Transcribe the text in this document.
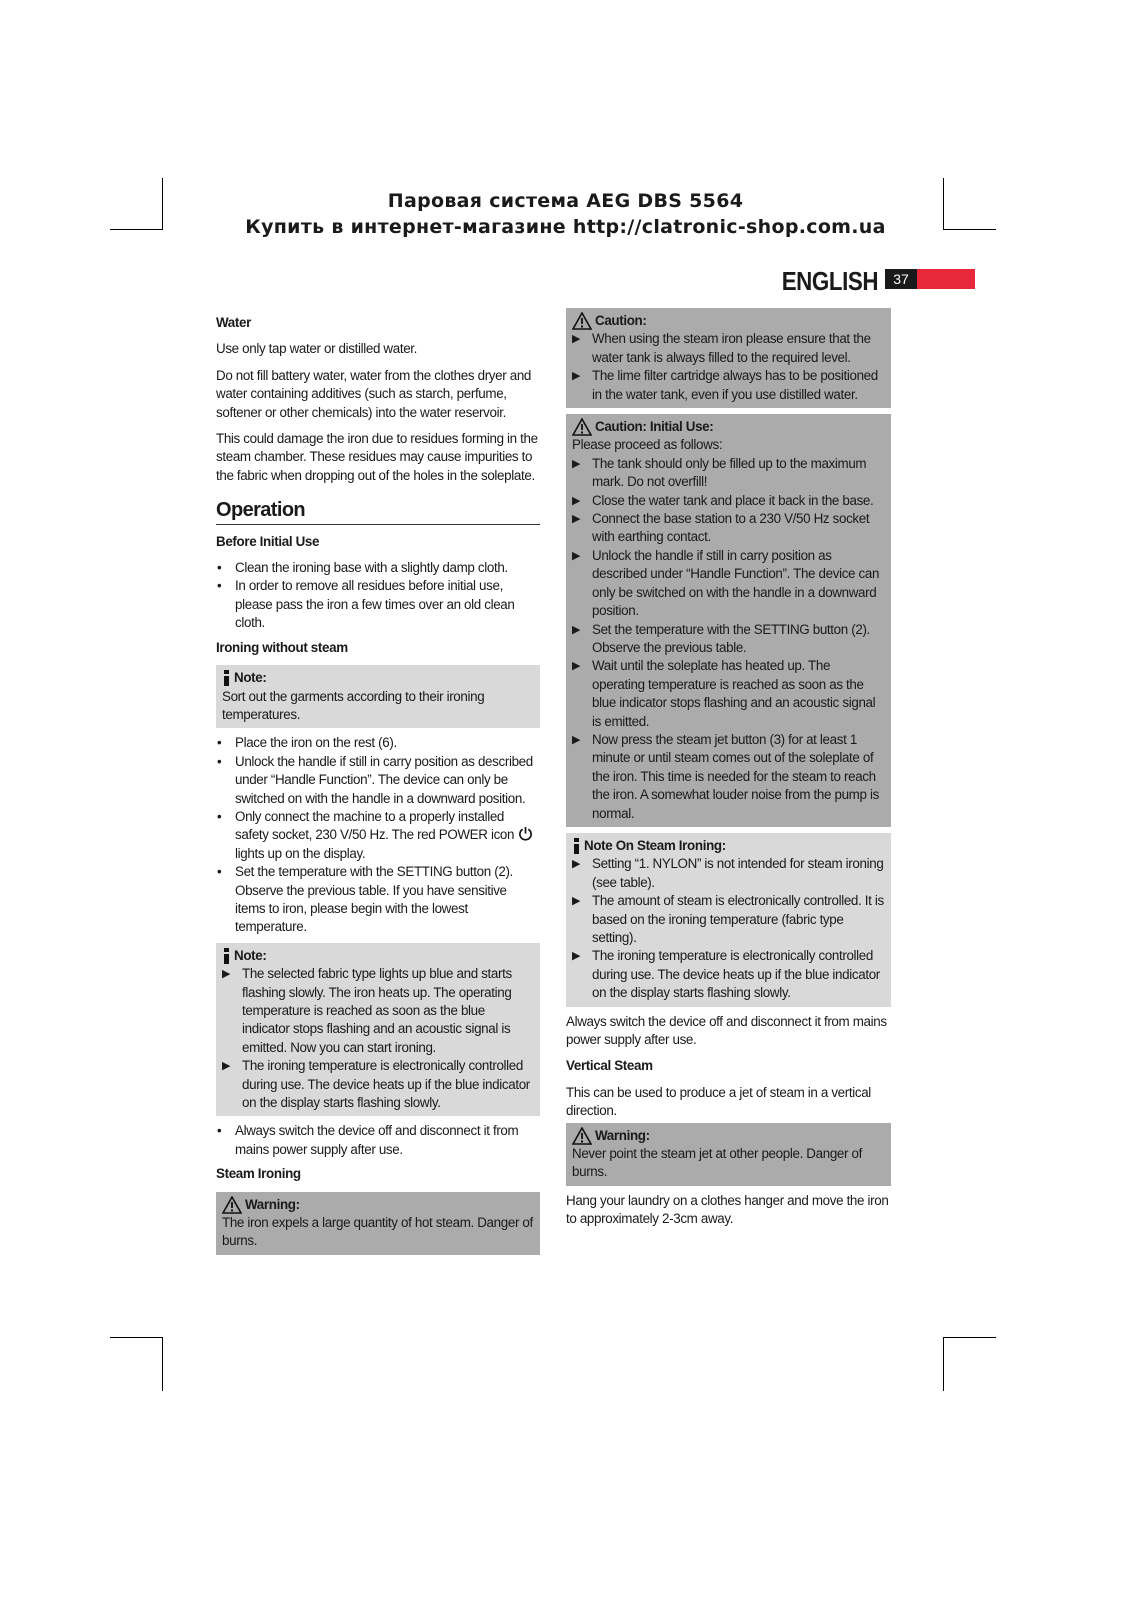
Паровая система AEG DBS 5564
Купить в интернет-магазине http://clatronic-shop.com.ua
ENGLISH	37

Water

Use only tap water or distilled water.

Do not fill battery water, water from the clothes dryer and water containing additives (such as starch, perfume, softener or other chemicals) into the water reservoir.

This could damage the iron due to residues forming in the steam chamber. These residues may cause impurities to the fabric when dropping out of the holes in the soleplate.

Operation

Before Initial Use

• Clean the ironing base with a slightly damp cloth.
• In order to remove all residues before initial use, please pass the iron a few times over an old clean cloth.

Ironing without steam

Note:
Sort out the garments according to their ironing temperatures.
• Place the iron on the rest (6).
• Unlock the handle if still in carry position as described under “Handle Function”. The device can only be switched on with the handle in a downward position.
• Only connect the machine to a properly installed safety socket, 230 V/50 Hz. The red POWER icon  lights up on the display.
• Set the temperature with the SETTING button (2). Observe the previous table. If you have sensitive items to iron, please begin with the lowest temperature.
Note:
▶ The selected fabric type lights up blue and starts flashing slowly. The iron heats up. The operating temperature is reached as soon as the blue indicator stops flashing and an acoustic signal is emitted. Now you can start ironing.
▶ The ironing temperature is electronically controlled during use. The device heats up if the blue indicator on the display starts flashing slowly.
• Always switch the device off and disconnect it from mains power supply after use.

Steam Ironing

Warning:
The iron expels a large quantity of hot steam. Danger of burns.
Caution:
▶ When using the steam iron please ensure that the water tank is always filled to the required level.
▶ The lime filter cartridge always has to be positioned in the water tank, even if you use distilled water.
Caution: Initial Use:
Please proceed as follows:
▶ The tank should only be filled up to the maximum mark. Do not overfill!
▶ Close the water tank and place it back in the base.
▶ Connect the base station to a 230 V/50 Hz socket with earthing contact.
▶ Unlock the handle if still in carry position as described under “Handle Function”. The device can only be switched on with the handle in a downward position.
▶ Set the temperature with the SETTING button (2). Observe the previous table.
▶ Wait until the soleplate has heated up. The operating temperature is reached as soon as the blue indicator stops flashing and an acoustic signal is emitted.
▶ Now press the steam jet button (3) for at least 1 minute or until steam comes out of the soleplate of the iron. This time is needed for the steam to reach the iron. A somewhat louder noise from the pump is normal.
Note On Steam Ironing:
▶ Setting “1. NYLON” is not intended for steam ironing (see table).
▶ The amount of steam is electronically controlled. It is based on the ironing temperature (fabric type setting).
▶ The ironing temperature is electronically controlled during use. The device heats up if the blue indicator on the display starts flashing slowly.

Always switch the device off and disconnect it from mains power supply after use.

Vertical Steam

This can be used to produce a jet of steam in a vertical direction.

Warning:
Never point the steam jet at other people. Danger of burns.

Hang your laundry on a clothes hanger and move the iron to approximately 2-3cm away.
